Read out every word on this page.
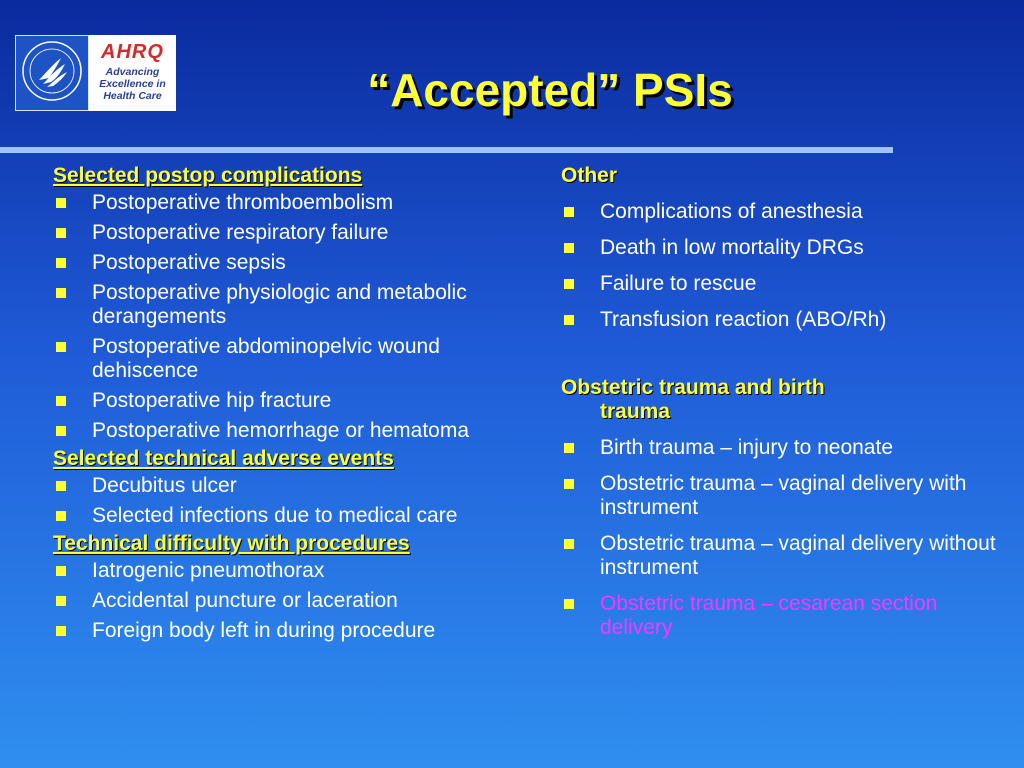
AHRQ
Advancing
Excellence in
Health Care	“Accepted” PSIs
Selected postop complications
Postoperative thromboembolism
Postoperative respiratory failure
Postoperative sepsis
Postoperative physiologic and metabolic derangements
Postoperative abdominopelvic wound dehiscence
Postoperative hip fracture
Postoperative hemorrhage or hematoma
Selected technical adverse events
Decubitus ulcer
Selected infections due to medical care
Technical difficulty with procedures
Iatrogenic pneumothorax
Accidental puncture or laceration
Foreign body left in during procedure
Other
Complications of anesthesia
Death in low mortality DRGs
Failure to rescue
Transfusion reaction (ABO/Rh)
Obstetric trauma and birth
trauma
Birth trauma – injury to neonate
Obstetric trauma – vaginal delivery with instrument
Obstetric trauma – vaginal delivery without instrument
Obstetric trauma – cesarean section delivery
